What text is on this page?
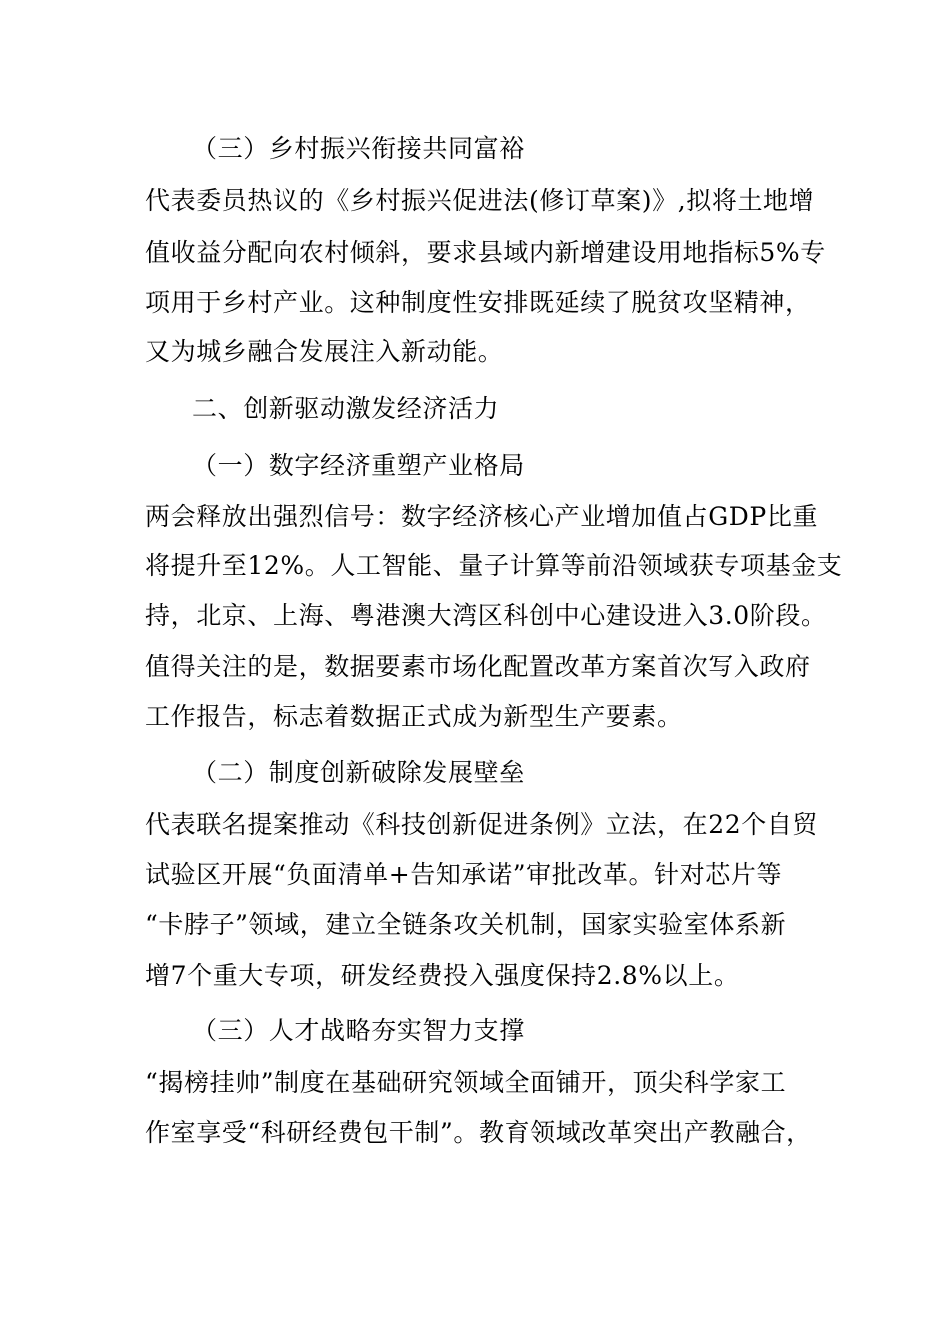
（三）乡村振兴衔接共同富裕
代表委员热议的《乡村振兴促进法(修订草案)》,拟将土地增
值收益分配向农村倾斜，要求县域内新增建设用地指标5%专
项用于乡村产业。这种制度性安排既延续了脱贫攻坚精神，
又为城乡融合发展注入新动能。
二、创新驱动激发经济活力
（一）数字经济重塑产业格局
两会释放出强烈信号：数字经济核心产业增加值占GDP比重
将提升至12%。人工智能、量子计算等前沿领域获专项基金支
持，北京、上海、粤港澳大湾区科创中心建设进入3.0阶段。
值得关注的是，数据要素市场化配置改革方案首次写入政府
工作报告，标志着数据正式成为新型生产要素。
（二）制度创新破除发展壁垒
代表联名提案推动《科技创新促进条例》立法，在22个自贸
试验区开展“负面清单+告知承诺”审批改革。针对芯片等
“卡脖子”领域，建立全链条攻关机制，国家实验室体系新
增7个重大专项，研发经费投入强度保持2.8%以上。
（三）人才战略夯实智力支撑
“揭榜挂帅”制度在基础研究领域全面铺开，顶尖科学家工
作室享受“科研经费包干制”。教育领域改革突出产教融合，
